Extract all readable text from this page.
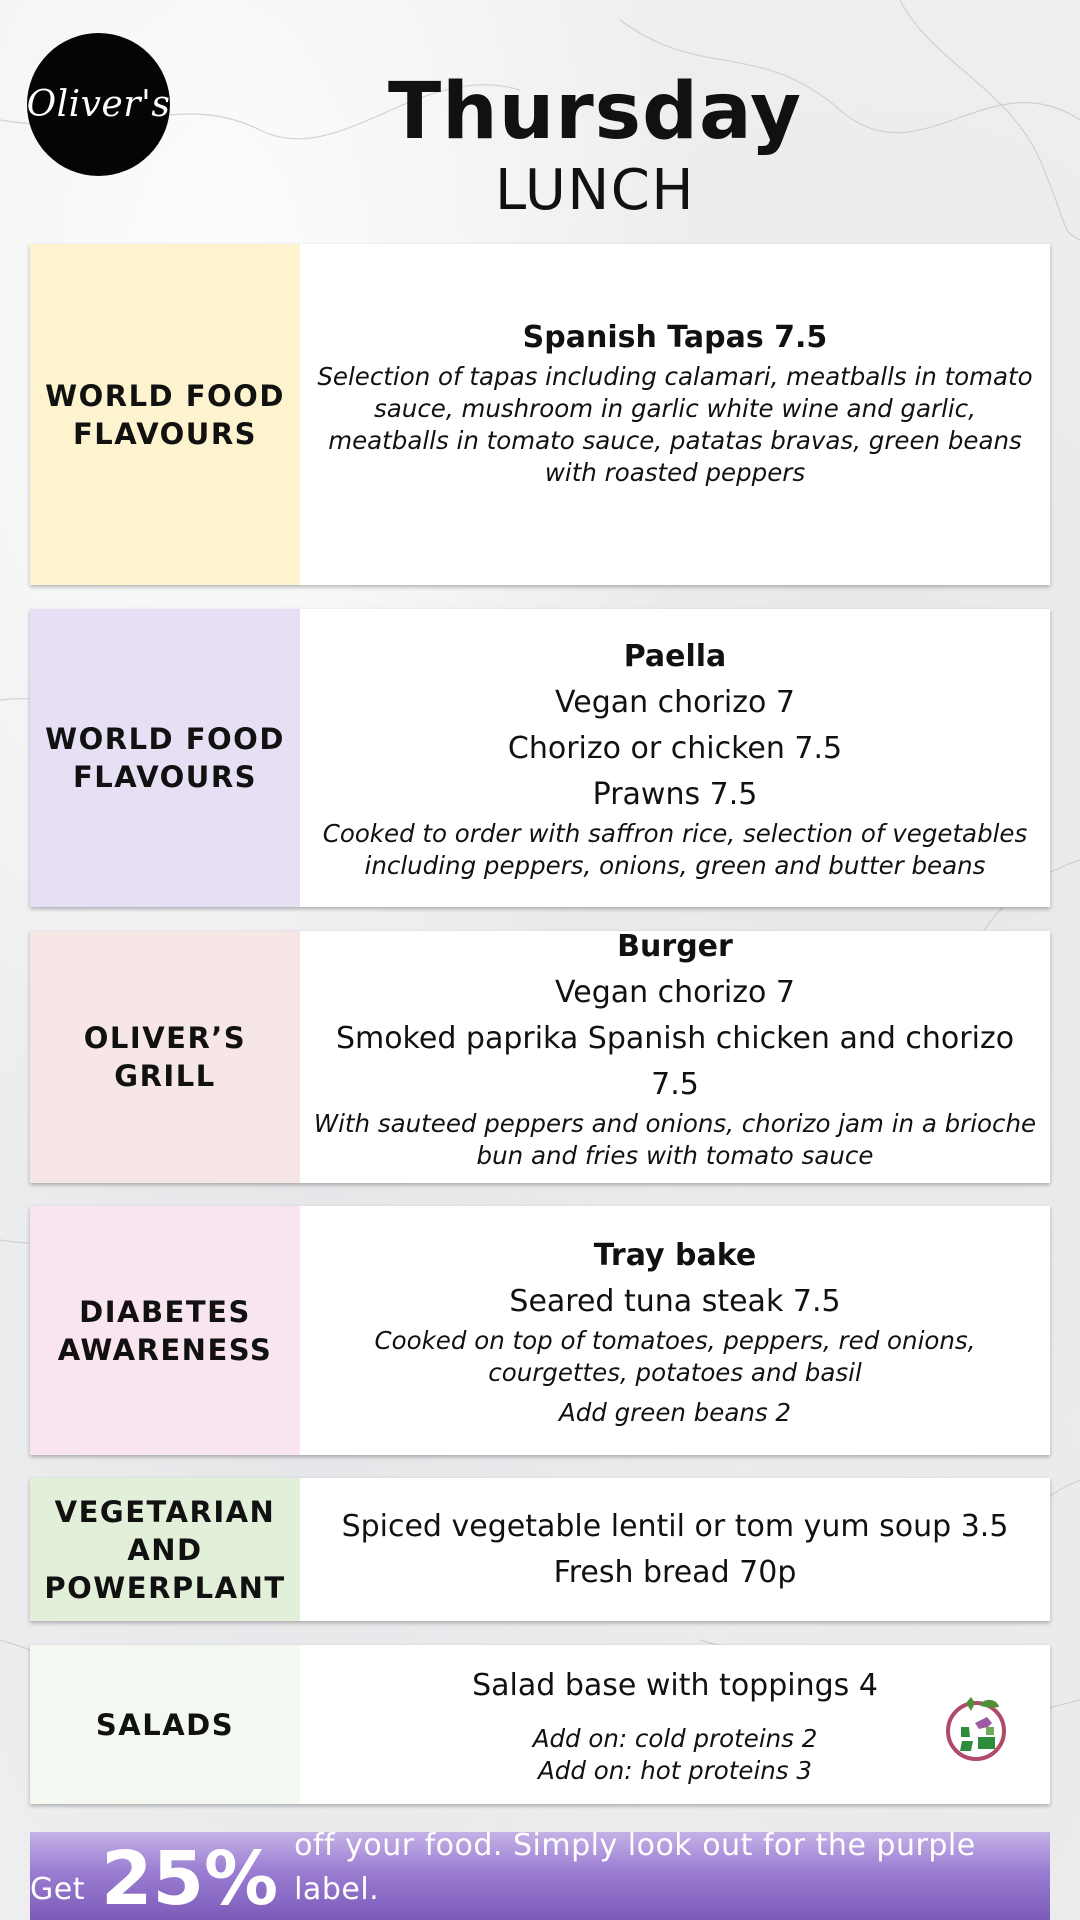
Oliver's	Thursday
LUNCH
WORLD FOOD FLAVOURS
Spanish Tapas 7.5
Selection of tapas including calamari, meatballs in tomato sauce, mushroom in garlic white wine and garlic, meatballs in tomato sauce, patatas bravas, green beans with roasted peppers
WORLD FOOD FLAVOURS
Paella
Vegan chorizo 7
Chorizo or chicken 7.5
Prawns 7.5
Cooked to order with saffron rice, selection of vegetables including peppers, onions, green and butter beans
OLIVER’S GRILL
Burger
Vegan chorizo 7
Smoked paprika Spanish chicken and chorizo 7.5
With sauteed peppers and onions, chorizo jam in a brioche bun and fries with tomato sauce
DIABETES AWARENESS
Tray bake
Seared tuna steak 7.5
Cooked on top of tomatoes, peppers, red onions, courgettes, potatoes and basil
Add green beans 2
VEGETARIAN AND POWERPLANT
Spiced vegetable lentil or tom yum soup 3.5
Fresh bread 70p
SALADS
Salad base with toppings 4
Add on: cold proteins 2
Add on: hot proteins 3
Get 25% off your food. Simply look out for the purple label.
